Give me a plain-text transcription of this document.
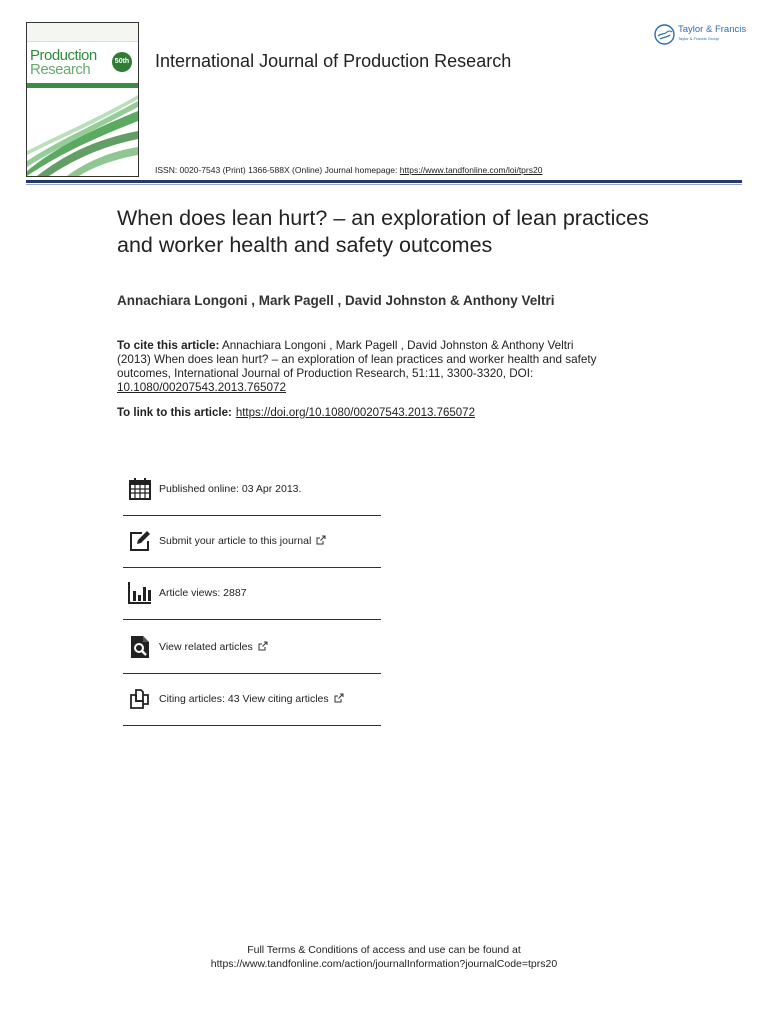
Production
Research	50th International Journal of Production Research
ISSN: 0020-7543 (Print) 1366-588X (Online) Journal homepage: https://www.tandfonline.com/loi/tprs20
Taylor & Francis
Taylor & Francis Group
When does lean hurt? – an exploration of lean practices and worker health and safety outcomes
Annachiara Longoni , Mark Pagell , David Johnston & Anthony Veltri
To cite this article: Annachiara Longoni , Mark Pagell , David Johnston & Anthony Veltri (2013) When does lean hurt? – an exploration of lean practices and worker health and safety outcomes, International Journal of Production Research, 51:11, 3300-3320, DOI: 10.1080/00207543.2013.765072
To link to this article: https://doi.org/10.1080/00207543.2013.765072
Published online: 03 Apr 2013.
Submit your article to this journal
Article views: 2887
View related articles
Citing articles: 43 View citing articles
Full Terms & Conditions of access and use can be found at
https://www.tandfonline.com/action/journalInformation?journalCode=tprs20
